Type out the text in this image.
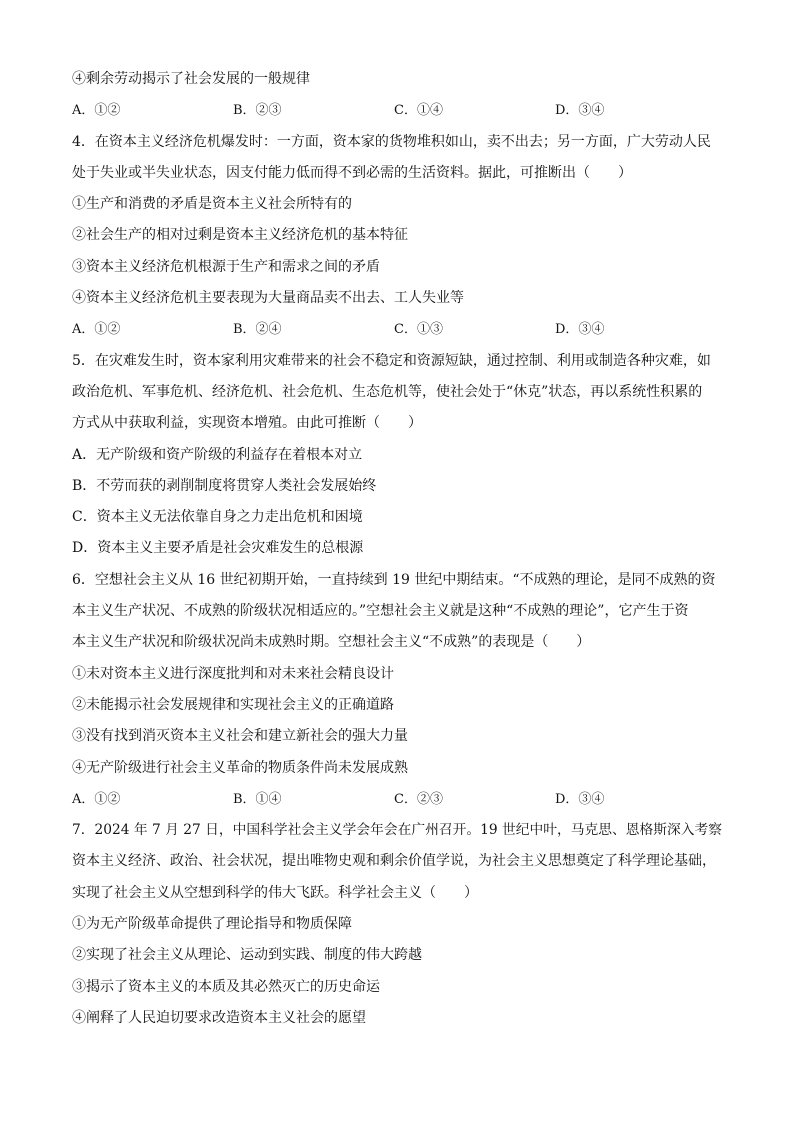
④剩余劳动揭示了社会发展的一般规律
A．①②	B．②③	C．①④	D．③④
4．在资本主义经济危机爆发时：一方面，资本家的货物堆积如山，卖不出去；另一方面，广大劳动人民
处于失业或半失业状态，因支付能力低而得不到必需的生活资料。据此，可推断出（　　）
①生产和消费的矛盾是资本主义社会所特有的
②社会生产的相对过剩是资本主义经济危机的基本特征
③资本主义经济危机根源于生产和需求之间的矛盾
④资本主义经济危机主要表现为大量商品卖不出去、工人失业等
A．①②	B．②④	C．①③	D．③④
5．在灾难发生时，资本家利用灾难带来的社会不稳定和资源短缺，通过控制、利用或制造各种灾难，如
政治危机、军事危机、经济危机、社会危机、生态危机等，使社会处于“休克”状态，再以系统性积累的
方式从中获取利益，实现资本增殖。由此可推断（　　）
A．无产阶级和资产阶级的利益存在着根本对立
B．不劳而获的剥削制度将贯穿人类社会发展始终
C．资本主义无法依靠自身之力走出危机和困境
D．资本主义主要矛盾是社会灾难发生的总根源
6．空想社会主义从 16 世纪初期开始，一直持续到 19 世纪中期结束。“不成熟的理论，是同不成熟的资
本主义生产状况、不成熟的阶级状况相适应的。”空想社会主义就是这种“不成熟的理论”，它产生于资
本主义生产状况和阶级状况尚未成熟时期。空想社会主义“不成熟”的表现是（　　）
①未对资本主义进行深度批判和对未来社会精良设计
②未能揭示社会发展规律和实现社会主义的正确道路
③没有找到消灭资本主义社会和建立新社会的强大力量
④无产阶级进行社会主义革命的物质条件尚未发展成熟
A．①②	B．①④	C．②③	D．③④
7．2024 年 7 月 27 日，中国科学社会主义学会年会在广州召开。19 世纪中叶，马克思、恩格斯深入考察
资本主义经济、政治、社会状况，提出唯物史观和剩余价值学说，为社会主义思想奠定了科学理论基础，
实现了社会主义从空想到科学的伟大飞跃。科学社会主义（　　）
①为无产阶级革命提供了理论指导和物质保障
②实现了社会主义从理论、运动到实践、制度的伟大跨越
③揭示了资本主义的本质及其必然灭亡的历史命运
④阐释了人民迫切要求改造资本主义社会的愿望
